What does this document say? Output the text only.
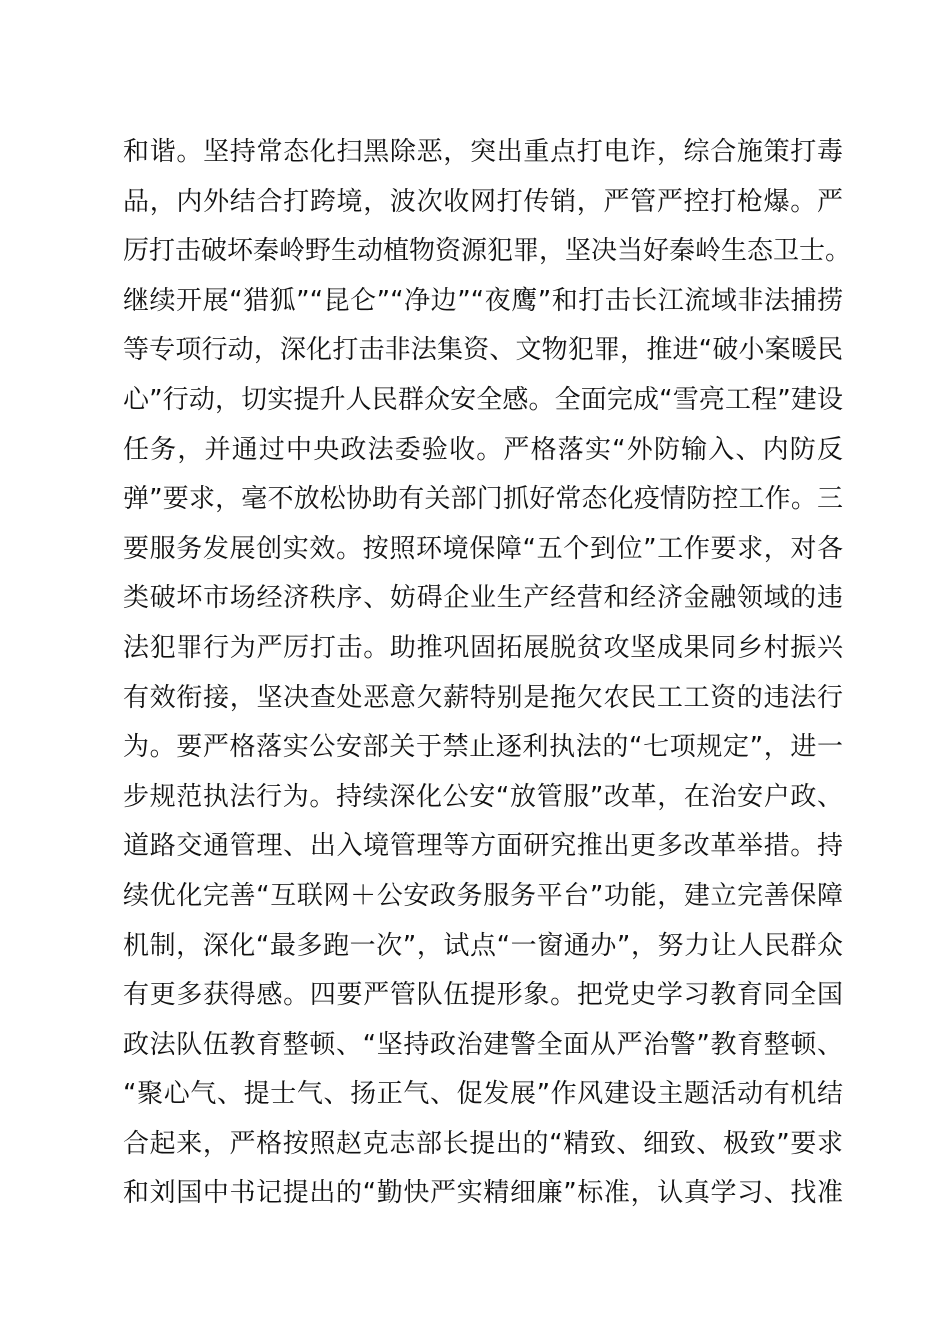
和谐。坚持常态化扫黑除恶，突出重点打电诈，综合施策打毒
品，内外结合打跨境，波次收网打传销，严管严控打枪爆。严
厉打击破坏秦岭野生动植物资源犯罪，坚决当好秦岭生态卫士。
继续开展“猎狐”“昆仑”“净边”“夜鹰”和打击长江流域非法捕捞
等专项行动，深化打击非法集资、文物犯罪，推进“破小案暖民
心”行动，切实提升人民群众安全感。全面完成“雪亮工程”建设
任务，并通过中央政法委验收。严格落实“外防输入、内防反
弹”要求，毫不放松协助有关部门抓好常态化疫情防控工作。三
要服务发展创实效。按照环境保障“五个到位”工作要求，对各
类破坏市场经济秩序、妨碍企业生产经营和经济金融领域的违
法犯罪行为严厉打击。助推巩固拓展脱贫攻坚成果同乡村振兴
有效衔接，坚决查处恶意欠薪特别是拖欠农民工工资的违法行
为。要严格落实公安部关于禁止逐利执法的“七项规定”，进一
步规范执法行为。持续深化公安“放管服”改革，在治安户政、
道路交通管理、出入境管理等方面研究推出更多改革举措。持
续优化完善“互联网＋公安政务服务平台”功能，建立完善保障
机制，深化“最多跑一次”，试点“一窗通办”，努力让人民群众
有更多获得感。四要严管队伍提形象。把党史学习教育同全国
政法队伍教育整顿、“坚持政治建警全面从严治警”教育整顿、
“聚心气、提士气、扬正气、促发展”作风建设主题活动有机结
合起来，严格按照赵克志部长提出的“精致、细致、极致”要求
和刘国中书记提出的“勤快严实精细廉”标准，认真学习、找准
